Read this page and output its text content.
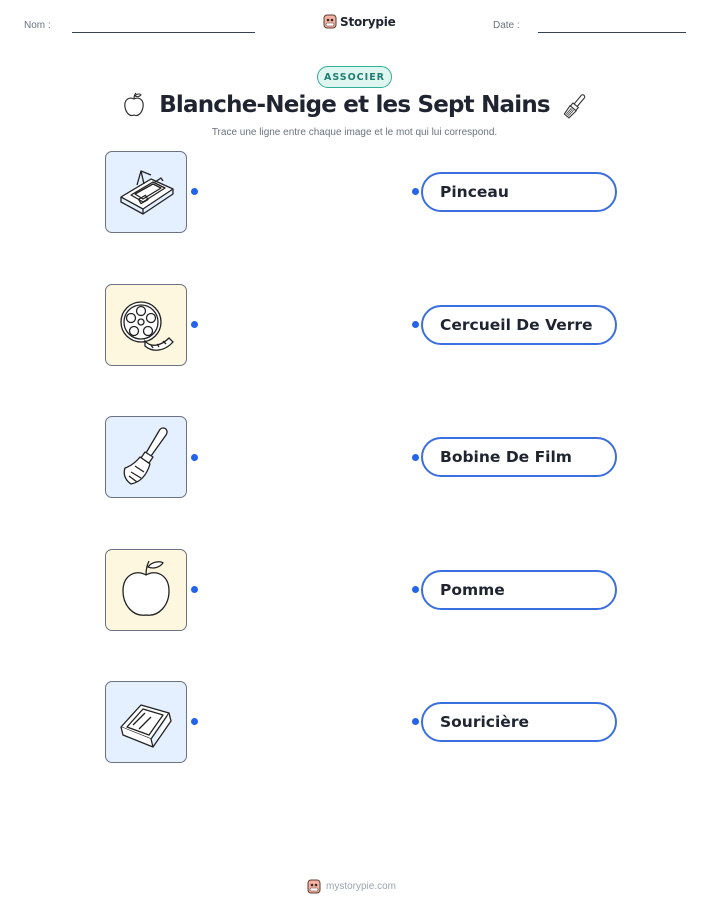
Nom :	Storypie	Date :
ASSOCIER
Blanche-Neige et les Sept Nains
Trace une ligne entre chaque image et le mot qui lui correspond.
Pinceau
Cercueil De Verre
Bobine De Film
Pomme
Souricière
mystorypie.com
